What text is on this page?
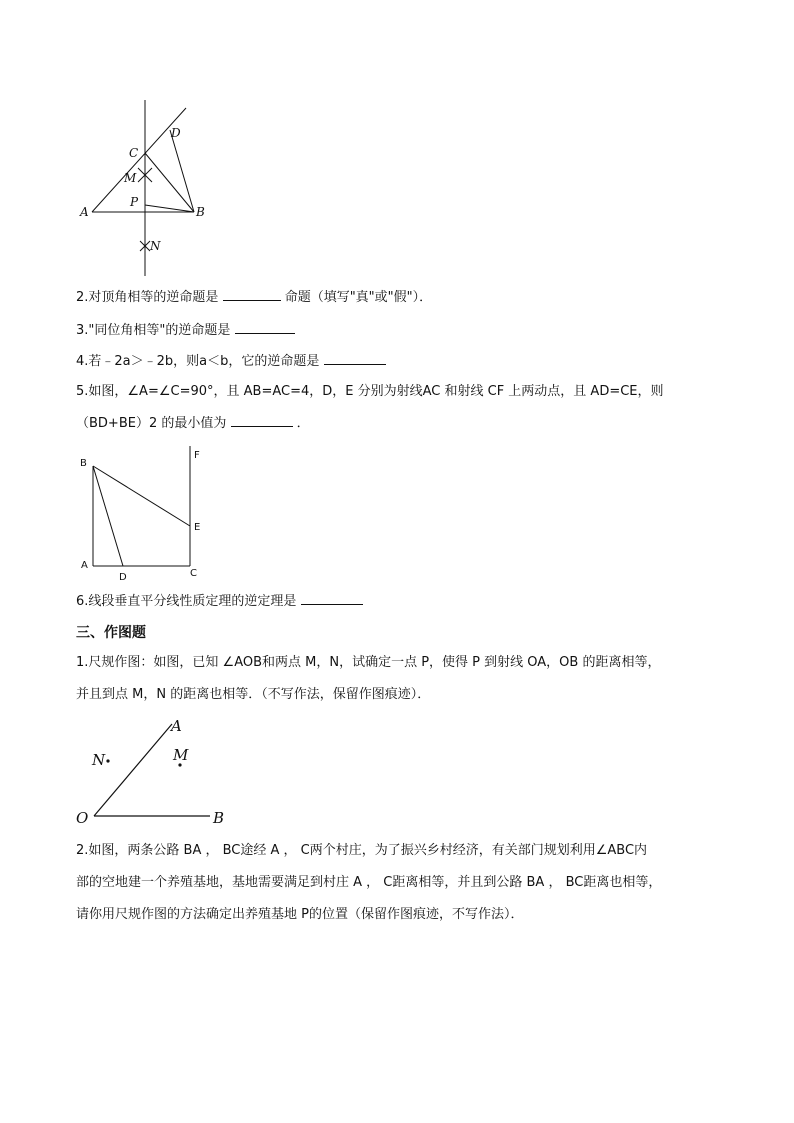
C
D
M
P
A	B
N
2.对顶角相等的逆命题是	命题（填写"真"或"假"）．
3."同位角相等"的逆命题是
4.若﹣2a＞﹣2b，则a＜b，它的逆命题是
5.如图，∠A=∠C=90°，且 AB=AC=4，D，E 分别为射线AC 和射线 CF 上两动点，且 AD=CE，则
（BD+BE）2 的最小值为	．
B
F
E
A
D	C
6.线段垂直平分线性质定理的逆定理是
三、作图题
1.尺规作图：如图，已知 ∠AOB和两点 M，N，试确定一点 P，使得 P 到射线 OA，OB 的距离相等，
并且到点 M，N 的距离也相等．（不写作法，保留作图痕迹）．
A
N	M
O	B
2.如图，两条公路 BA ， BC途经 A ， C两个村庄，为了振兴乡村经济，有关部门规划利用∠ABC内
部的空地建一个养殖基地，基地需要满足到村庄 A ， C距离相等，并且到公路 BA ， BC距离也相等，
请你用尺规作图的方法确定出养殖基地 P的位置（保留作图痕迹，不写作法）．
